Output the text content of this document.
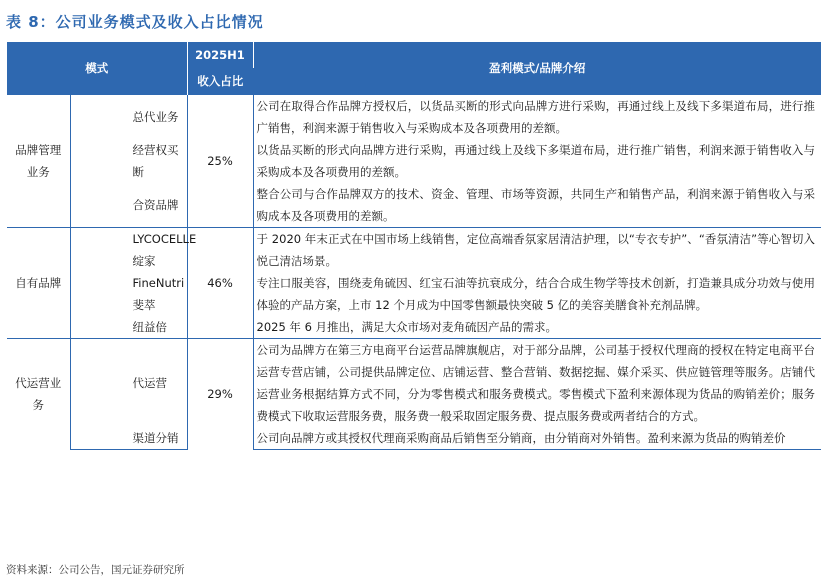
表 8：公司业务模式及收入占比情况
模式		2025H1	盈利模式/品牌介绍
		收入占比	
品牌管理业务	总代业务	25%	公司在取得合作品牌方授权后，以货品买断的形式向品牌方进行采购，再通过线上及线下多渠道布局，进行推广销售，利润来源于销售收入与采购成本及各项费用的差额。
	经营权买断		以货品买断的形式向品牌方进行采购，再通过线上及线下多渠道布局，进行推广销售，利润来源于销售收入与采购成本及各项费用的差额。
	合资品牌		整合公司与合作品牌双方的技术、资金、管理、市场等资源，共同生产和销售产品，利润来源于销售收入与采购成本及各项费用的差额。
自有品牌	LYCOCELLE 绽家	46%	于 2020 年末正式在中国市场上线销售，定位高端香氛家居清洁护理，以“专衣专护”、“香氛清洁”等心智切入悦己清洁场景。
	FineNutri 斐萃		专注口服美容，围绕麦角硫因、红宝石油等抗衰成分，结合合成生物学等技术创新，打造兼具成分功效与使用体验的产品方案，上市 12 个月成为中国零售额最快突破 5 亿的美容美膳食补充剂品牌。
	纽益倍		2025 年 6 月推出，满足大众市场对麦角硫因产品的需求。
代运营业务	代运营	29%	公司为品牌方在第三方电商平台运营品牌旗舰店，对于部分品牌，公司基于授权代理商的授权在特定电商平台运营专营店铺，公司提供品牌定位、店铺运营、整合营销、数据挖掘、媒介采买、供应链管理等服务。店铺代运营业务根据结算方式不同，分为零售模式和服务费模式。零售模式下盈利来源体现为货品的购销差价；服务费模式下收取运营服务费，服务费一般采取固定服务费、提点服务费或两者结合的方式。
	渠道分销		公司向品牌方或其授权代理商采购商品后销售至分销商，由分销商对外销售。盈利来源为货品的购销差价
资料来源：公司公告，国元证券研究所
